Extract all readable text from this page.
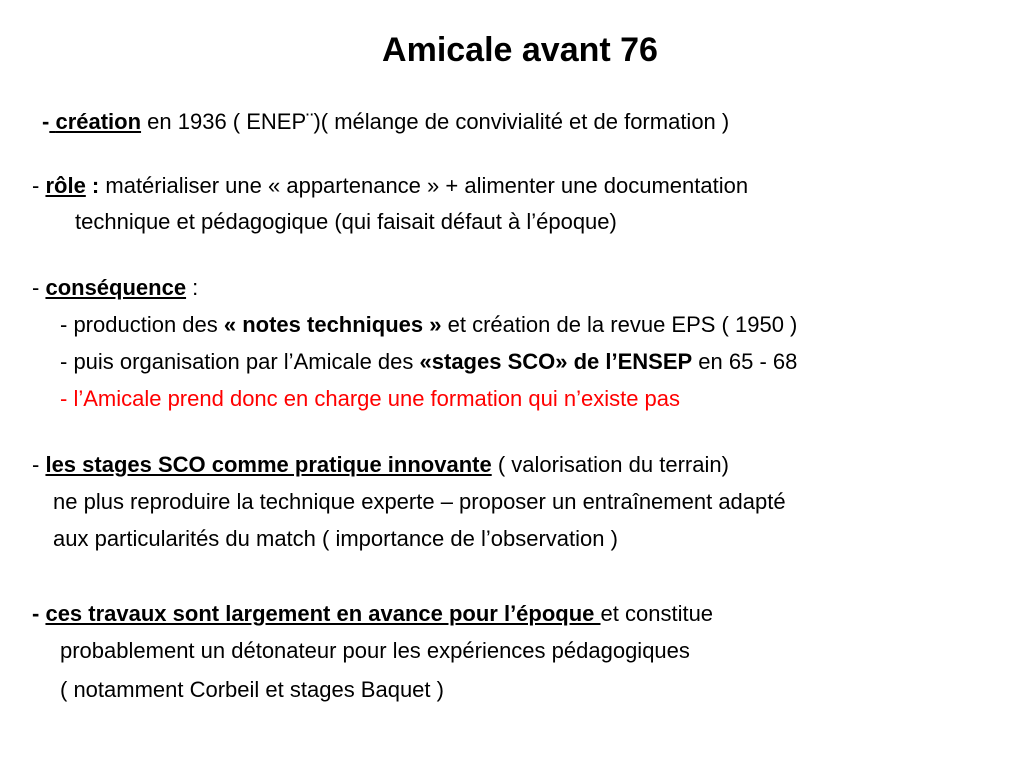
Amicale avant 76
- création en 1936 ( ENEP¨)( mélange de convivialité et de formation )
- rôle : matérialiser une « appartenance » + alimenter une documentation
technique et pédagogique (qui faisait défaut à l’époque)
- conséquence :
- production des « notes techniques » et création de la revue EPS ( 1950 )
- puis organisation par l’Amicale des «stages SCO» de l’ENSEP en 65 - 68
- l’Amicale prend donc en charge une formation qui n’existe pas
- les stages SCO comme pratique innovante ( valorisation du terrain)
ne plus reproduire la technique experte – proposer un entraînement adapté
aux particularités du match ( importance de l’observation )
- ces travaux sont largement en avance pour l’époque et constitue
probablement un détonateur pour les expériences pédagogiques
( notamment Corbeil et stages Baquet )
